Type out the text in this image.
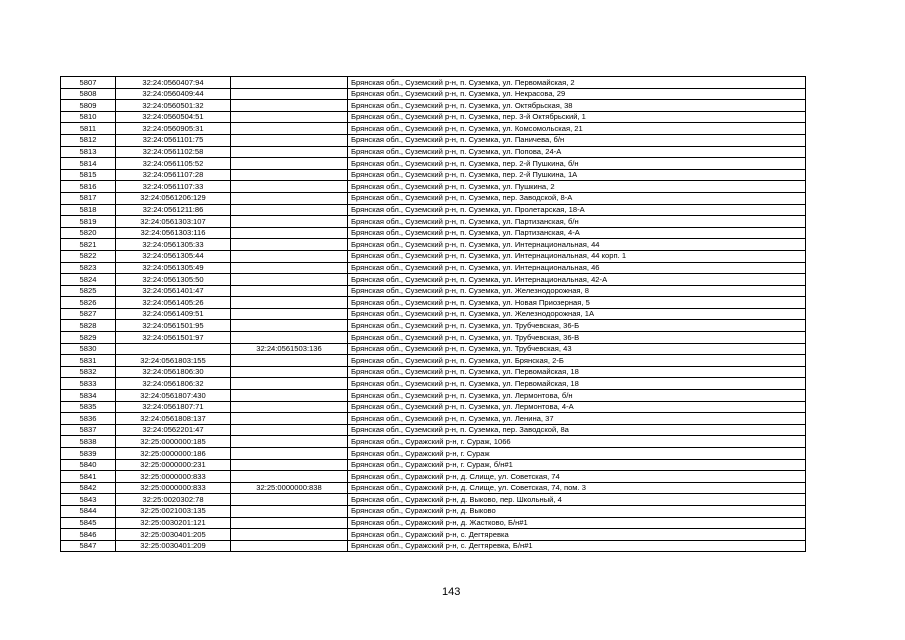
5807	32:24:0560407:94		Брянская обл., Суземский р-н, п. Суземка, ул. Первомайская, 2
5808	32:24:0560409:44		Брянская обл., Суземский р-н, п. Суземка, ул. Некрасова, 29
5809	32:24:0560501:32		Брянская обл., Суземский р-н, п. Суземка, ул. Октябрьская, 38
5810	32:24:0560504:51		Брянская обл., Суземский р-н, п. Суземка, пер. 3-й Октябрьский, 1
5811	32:24:0560905:31		Брянская обл., Суземский р-н, п. Суземка, ул. Комсомольская, 21
5812	32:24:0561101:75		Брянская обл., Суземский р-н, п. Суземка, ул. Паничева, б/н
5813	32:24:0561102:58		Брянская обл., Суземский р-н, п. Суземка, ул. Попова, 24-А
5814	32:24:0561105:52		Брянская обл., Суземский р-н, п. Суземка, пер. 2-й Пушкина, б/н
5815	32:24:0561107:28		Брянская обл., Суземский р-н, п. Суземка, пер. 2-й Пушкина, 1А
5816	32:24:0561107:33		Брянская обл., Суземский р-н, п. Суземка, ул. Пушкина, 2
5817	32:24:0561206:129		Брянская обл., Суземский р-н, п. Суземка, пер. Заводской, 8-А
5818	32:24:0561211:86		Брянская обл., Суземский р-н, п. Суземка, ул. Пролетарская, 18-А
5819	32:24:0561303:107		Брянская обл., Суземский р-н, п. Суземка, ул. Партизанская, б/н
5820	32:24:0561303:116		Брянская обл., Суземский р-н, п. Суземка, ул. Партизанская, 4-А
5821	32:24:0561305:33		Брянская обл., Суземский р-н, п. Суземка, ул. Интернациональная, 44
5822	32:24:0561305:44		Брянская обл., Суземский р-н, п. Суземка, ул. Интернациональная, 44 корп. 1
5823	32:24:0561305:49		Брянская обл., Суземский р-н, п. Суземка, ул. Интернациональная, 46
5824	32:24:0561305:50		Брянская обл., Суземский р-н, п. Суземка, ул. Интернациональная, 42-А
5825	32:24:0561401:47		Брянская обл., Суземский р-н, п. Суземка, ул. Железнодорожная, 8
5826	32:24:0561405:26		Брянская обл., Суземский р-н, п. Суземка, ул. Новая Приозерная, 5
5827	32:24:0561409:51		Брянская обл., Суземский р-н, п. Суземка, ул. Железнодорожная, 1А
5828	32:24:0561501:95		Брянская обл., Суземский р-н, п. Суземка, ул. Трубчевская, 36-Б
5829	32:24:0561501:97		Брянская обл., Суземский р-н, п. Суземка, ул. Трубчевская, 36-В
5830		32:24:0561503:136	Брянская обл., Суземский р-н, п. Суземка, ул. Трубчевская, 43
5831	32:24:0561803:155		Брянская обл., Суземский р-н, п. Суземка, ул. Брянская, 2-Б
5832	32:24:0561806:30		Брянская обл., Суземский р-н, п. Суземка, ул. Первомайская, 18
5833	32:24:0561806:32		Брянская обл., Суземский р-н, п. Суземка, ул. Первомайская, 18
5834	32:24:0561807:430		Брянская обл., Суземский р-н, п. Суземка, ул. Лермонтова, б/н
5835	32:24:0561807:71		Брянская обл., Суземский р-н, п. Суземка, ул. Лермонтова, 4-А
5836	32:24:0561808:137		Брянская обл., Суземский р-н, п. Суземка, ул. Ленина, 37
5837	32:24:0562201:47		Брянская обл., Суземский р-н, п. Суземка, пер. Заводской, 8а
5838	32:25:0000000:185		Брянская обл., Суражский р-н, г. Сураж, 1066
5839	32:25:0000000:186		Брянская обл., Суражский р-н, г. Сураж
5840	32:25:0000000:231		Брянская обл., Суражский р-н, г. Сураж, б/н#1
5841	32:25:0000000:833		Брянская обл., Суражский р-н, д. Слище, ул. Советская, 74
5842	32:25:0000000:833	32:25:0000000:838	Брянская обл., Суражский р-н, д. Слище, ул. Советская, 74, пом. 3
5843	32:25:0020302:78		Брянская обл., Суражский р-н, д. Выково, пер. Школьный, 4
5844	32:25:0021003:135		Брянская обл., Суражский р-н, д. Выково
5845	32:25:0030201:121		Брянская обл., Суражский р-н, д. Жастково, Б/н#1
5846	32:25:0030401:205		Брянская обл., Суражский р-н, с. Дегтяревка
5847	32:25:0030401:209		Брянская обл., Суражский р-н, с. Дегтяревка, Б/н#1
143
